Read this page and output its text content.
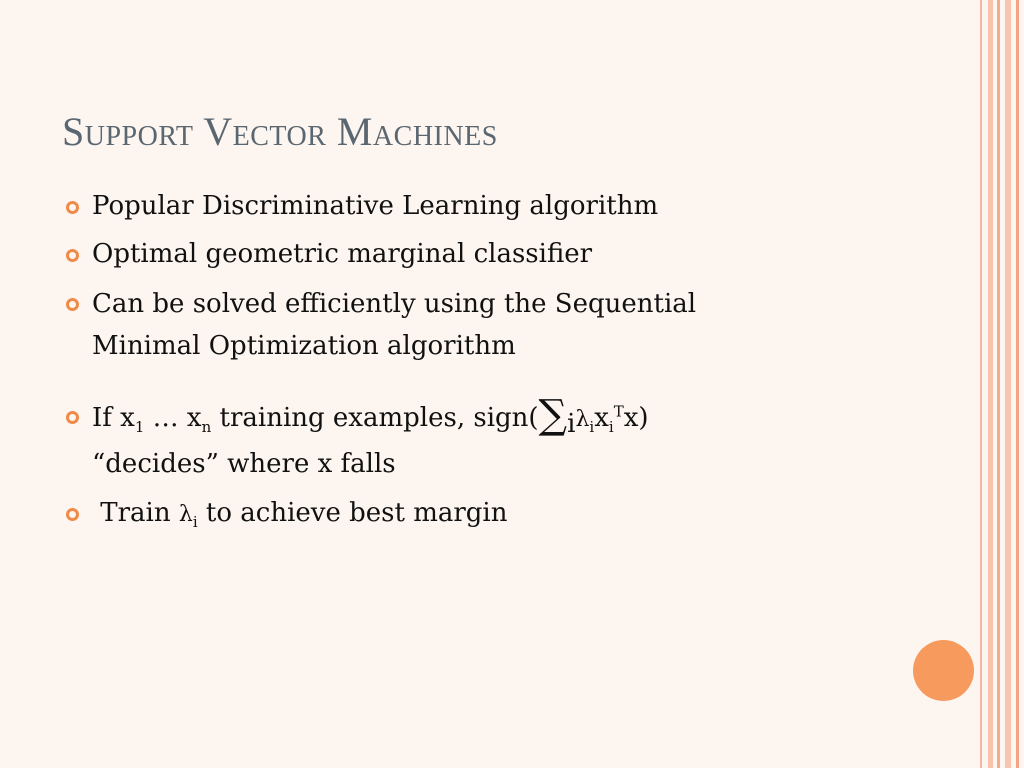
Support Vector Machines
Popular Discriminative Learning algorithm
Optimal geometric marginal classifier
Can be solved efficiently using the Sequential
Minimal Optimization algorithm
If $x_1$ … $x_n$ training examples, $sign(\sum i\lambda_ix_i^Tx)$
“decides” where x falls
Train $\lambda_i$ to achieve best margin
